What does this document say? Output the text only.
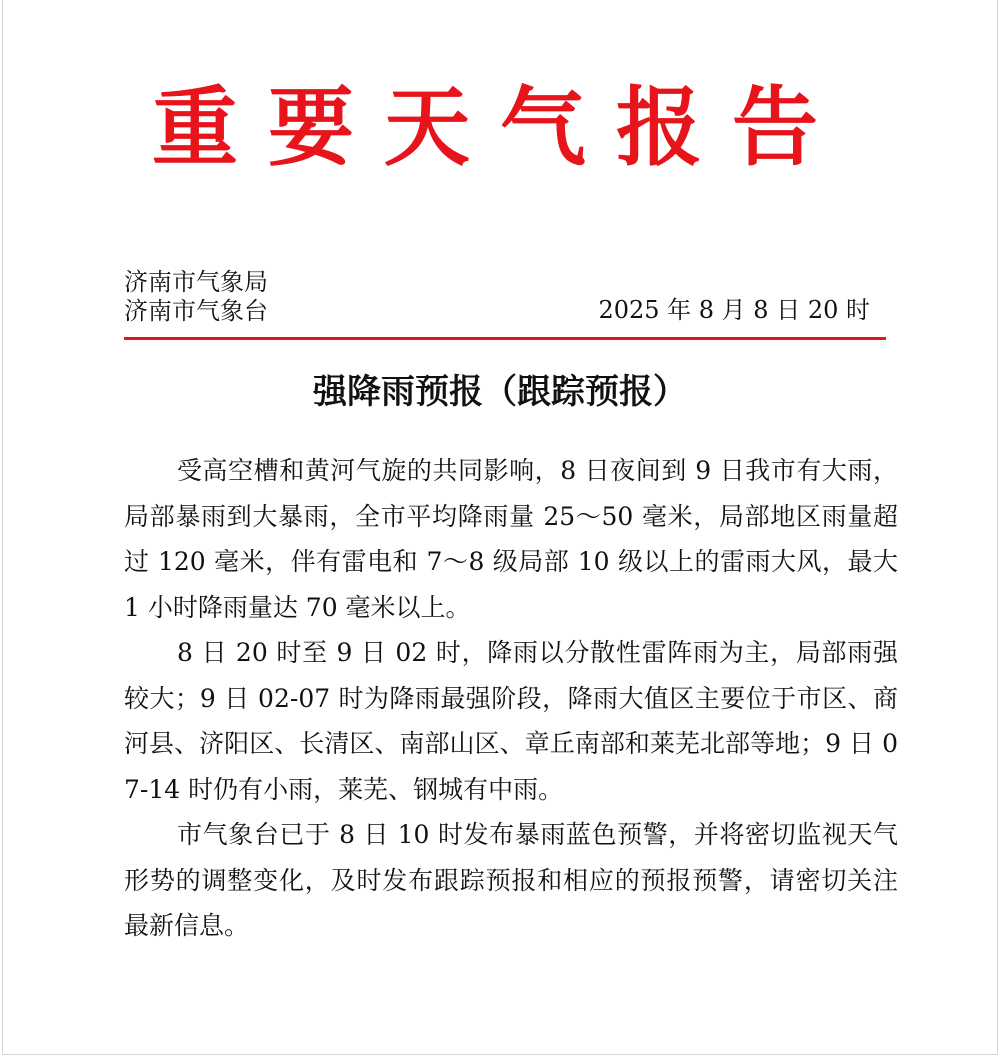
重要天气报告
济南市气象局
济南市气象台	2025 年 8 月 8 日 20 时
强降雨预报（跟踪预报）

受高空槽和黄河气旋的共同影响，8 日夜间到 9 日我市有大雨，局部暴雨到大暴雨，全市平均降雨量 25～50 毫米，局部地区雨量超过 120 毫米，伴有雷电和 7～8 级局部 10 级以上的雷雨大风，最大 1 小时降雨量达 70 毫米以上。

8 日 20 时至 9 日 02 时，降雨以分散性雷阵雨为主，局部雨强较大；9 日 02-07 时为降雨最强阶段，降雨大值区主要位于市区、商河县、济阳区、长清区、南部山区、章丘南部和莱芜北部等地；9 日 07-14 时仍有小雨，莱芜、钢城有中雨。

市气象台已于 8 日 10 时发布暴雨蓝色预警，并将密切监视天气形势的调整变化，及时发布跟踪预报和相应的预报预警，请密切关注最新信息。
